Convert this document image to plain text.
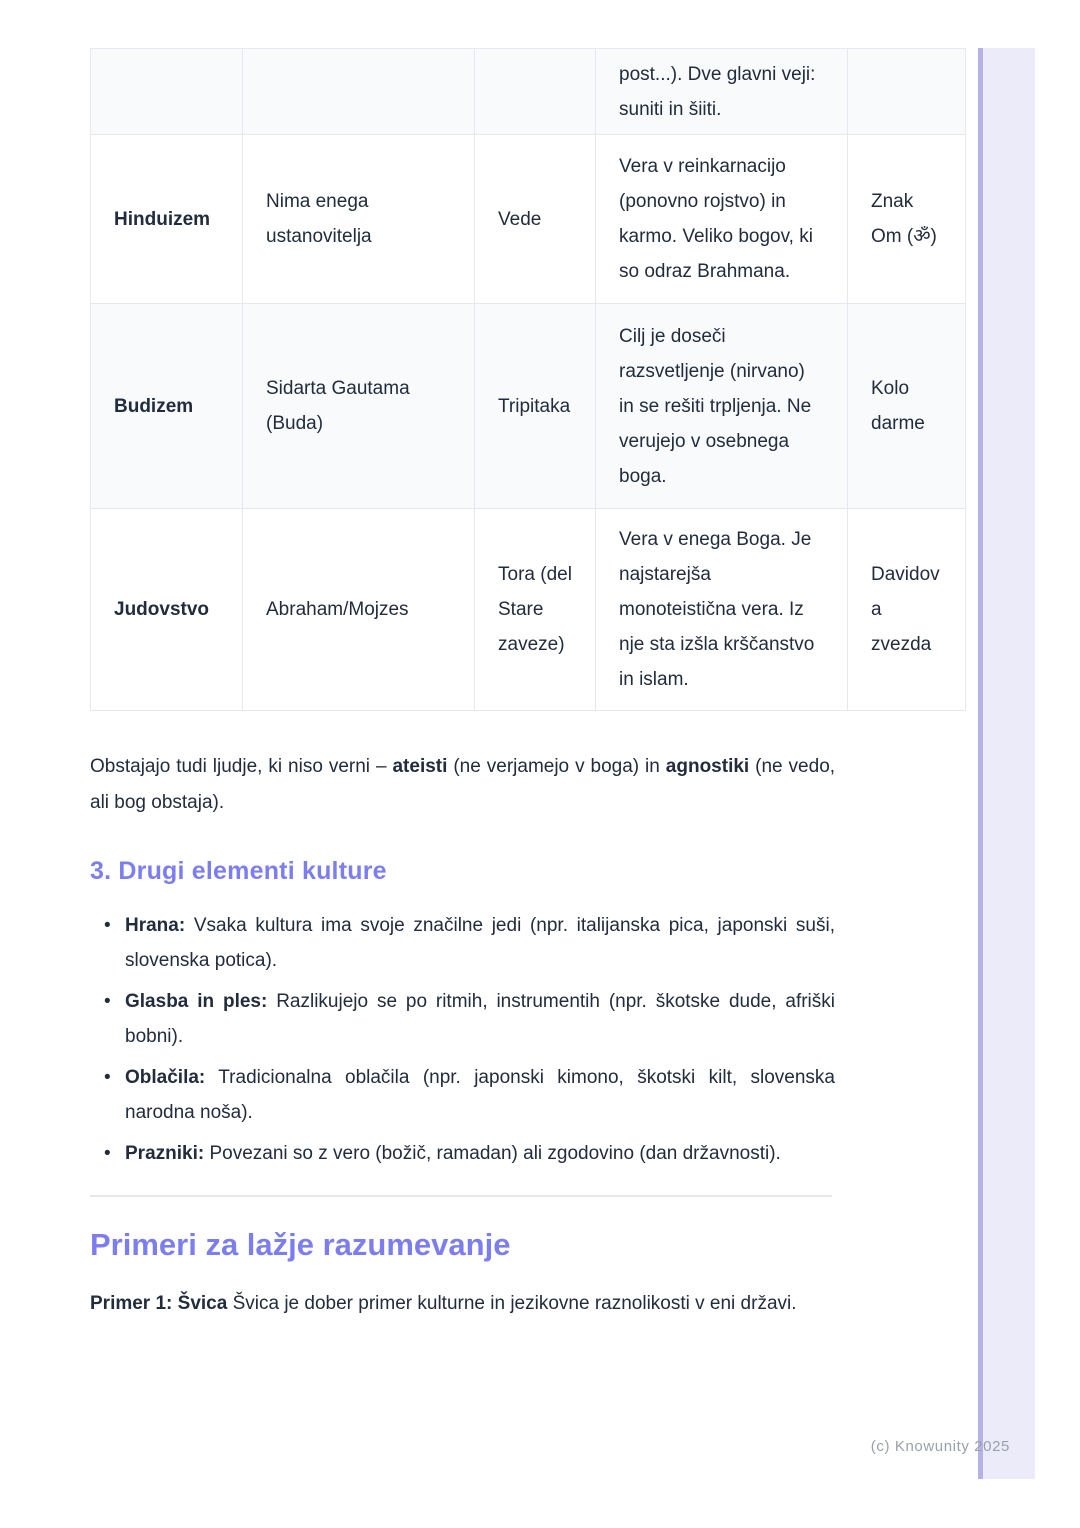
			post...). Dve glavni veji: suniti in šiiti.	
Hinduizem	Nima enega ustanovitelja	Vede	Vera v reinkarnacijo (ponovno rojstvo) in karmo. Veliko bogov, ki so odraz Brahmana.	Znak Om (ॐ)
Budizem	Sidarta Gautama (Buda)	Tripitaka	Cilj je doseči razsvetljenje (nirvano) in se rešiti trpljenja. Ne verujejo v osebnega boga.	Kolo darme
Judovstvo	Abraham/Mojzes	Tora (del Stare zaveze)	Vera v enega Boga. Je najstarejša monoteistična vera. Iz nje sta izšla krščanstvo in islam.	Davidova zvezda

Obstajajo tudi ljudje, ki niso verni – ateisti (ne verjamejo v boga) in agnostiki (ne vedo, ali bog obstaja).

3. Drugi elementi kulture
• Hrana: Vsaka kultura ima svoje značilne jedi (npr. italijanska pica, japonski suši, slovenska potica).
• Glasba in ples: Razlikujejo se po ritmih, instrumentih (npr. škotske dude, afriški bobni).
• Oblačila: Tradicionalna oblačila (npr. japonski kimono, škotski kilt, slovenska narodna noša).
• Prazniki: Povezani so z vero (božič, ramadan) ali zgodovino (dan državnosti).
Primeri za lažje razumevanje

Primer 1: Švica Švica je dober primer kulturne in jezikovne raznolikosti v eni državi.

(c) Knowunity 2025
